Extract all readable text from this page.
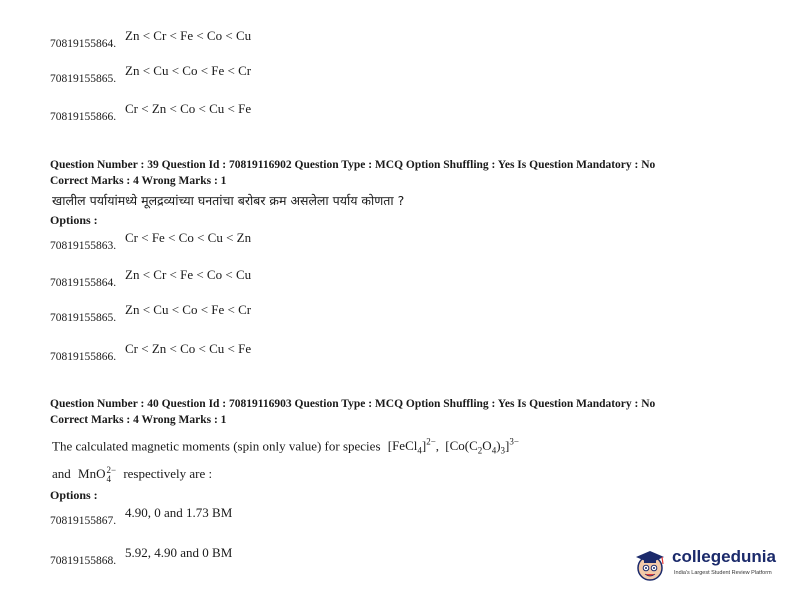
70819155864.
Zn < Cr < Fe < Co < Cu
70819155865.
Zn < Cu < Co < Fe < Cr
70819155866.
Cr < Zn < Co < Cu < Fe
Question Number : 39 Question Id : 70819116902 Question Type : MCQ Option Shuffling : Yes Is Question Mandatory : No
Correct Marks : 4 Wrong Marks : 1
खालील पर्यायांमध्ये मूलद्रव्यांच्या घनतांचा बरोबर क्रम असलेला पर्याय कोणता ?
Options :
70819155863.
Cr < Fe < Co < Cu < Zn
70819155864.
Zn < Cr < Fe < Co < Cu
70819155865.
Zn < Cu < Co < Fe < Cr
70819155866.
Cr < Zn < Co < Cu < Fe
Question Number : 40 Question Id : 70819116903 Question Type : MCQ Option Shuffling : Yes Is Question Mandatory : No
Correct Marks : 4 Wrong Marks : 1
The calculated magnetic moments (spin only value) for species [FeCl$_4$]$^{2-}$, $[Co(C_2O_4)_3]^{3-}$
and MnO 2−
4 respectively are :
Options :
70819155867.
4.90, 0 and 1.73 BM
70819155868.
5.92, 4.90 and 0 BM	collegedunia
India's Largest Student Review Platform
